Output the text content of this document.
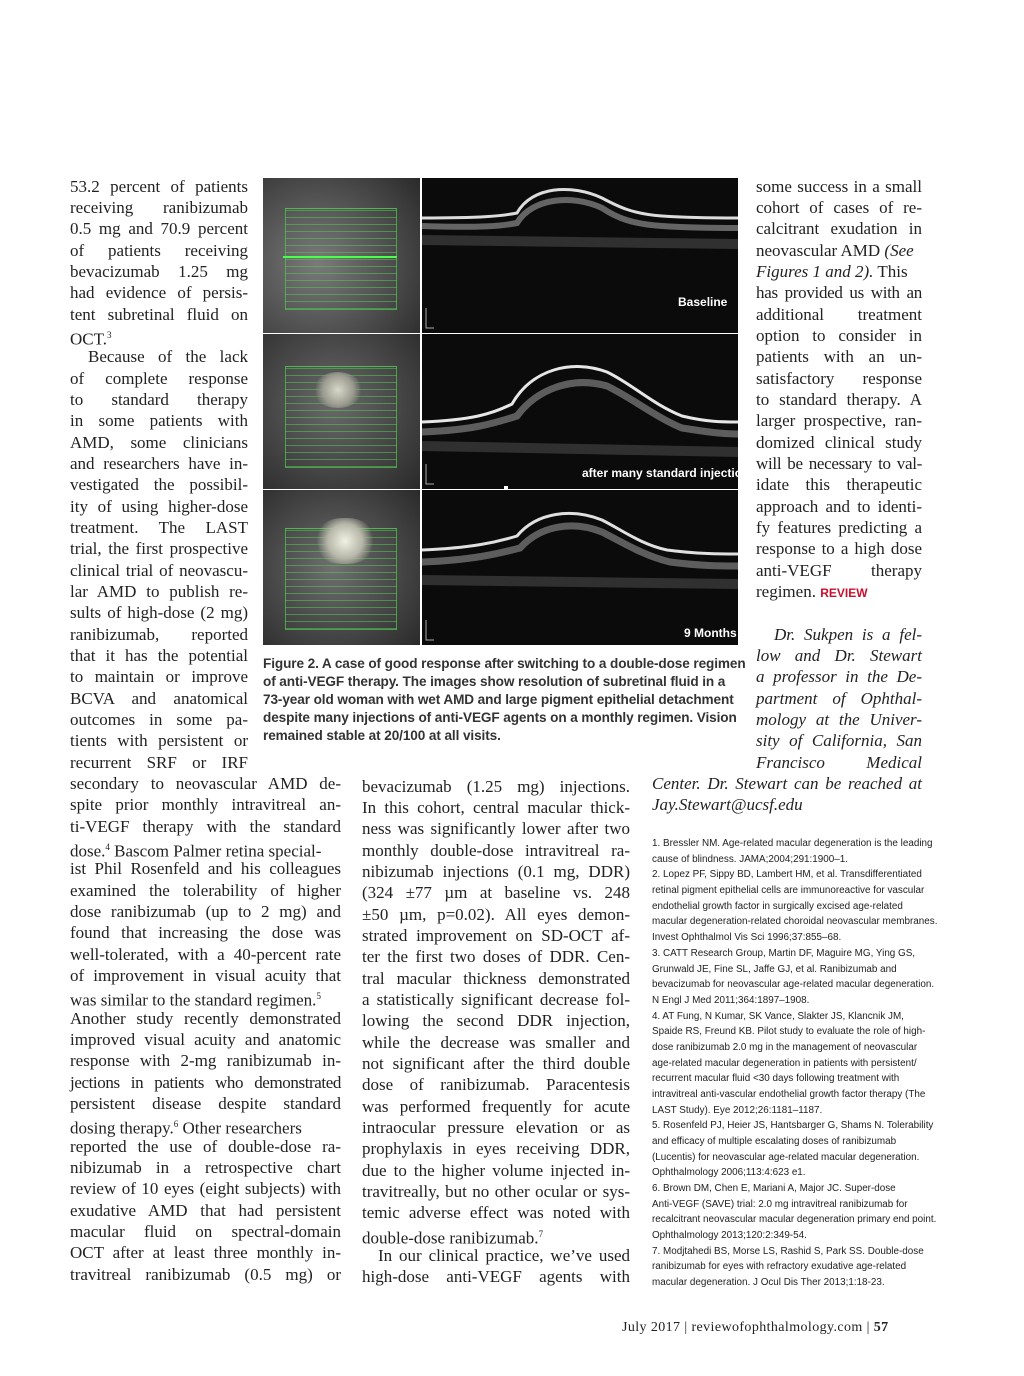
53.2 percent of patients
receiving ranibizumab
0.5 mg and 70.9 percent
of patients receiving
bevacizumab 1.25 mg
had evidence of persis-
tent subretinal fluid on
OCT.$^3$
Because of the lack
of complete response
to standard therapy
in some patients with
AMD, some clinicians
and researchers have in-
vestigated the possibil-
ity of using higher-dose
treatment. The LAST
trial, the first prospective
clinical trial of neovascu-
lar AMD to publish re-
sults of high-dose (2 mg)
ranibizumab, reported
that it has the potential
to maintain or improve
BCVA and anatomical
outcomes in some pa-
tients with persistent or
recurrent SRF or IRF
secondary to neovascular AMD de-
spite prior monthly intravitreal an-
ti-VEGF therapy with the standard
dose.$^4$ Bascom Palmer retina special-
ist Phil Rosenfeld and his colleagues
examined the tolerability of higher
dose ranibizumab (up to 2 mg) and
found that increasing the dose was
well-tolerated, with a 40-percent rate
of improvement in visual acuity that
was similar to the standard regimen.$^5$
Another study recently demonstrated
improved visual acuity and anatomic
response with 2-mg ranibizumab in-
jections in patients who demonstrated
persistent disease despite standard
dosing therapy.$^6$ Other researchers
reported the use of double-dose ra-
nibizumab in a retrospective chart
review of 10 eyes (eight subjects) with
exudative AMD that had persistent
macular fluid on spectral-domain
OCT after at least three monthly in-
travitreal ranibizumab (0.5 mg) or
Baseline
after many standard injections
9 Months
Figure 2. A case of good response after switching to a double-dose regimen
of anti-VEGF therapy. The images show resolution of subretinal fluid in a
73-year old woman with wet AMD and large pigment epithelial detachment
despite many injections of anti-VEGF agents on a monthly regimen. Vision
remained stable at 20/100 at all visits.
bevacizumab (1.25 mg) injections.
In this cohort, central macular thick-
ness was significantly lower after two
monthly double-dose intravitreal ra-
nibizumab injections (0.1 mg, DDR)
(324 ±77 µm at baseline vs. 248
±50 µm, p=0.02). All eyes demon-
strated improvement on SD-OCT af-
ter the first two doses of DDR. Cen-
tral macular thickness demonstrated
a statistically significant decrease fol-
lowing the second DDR injection,
while the decrease was smaller and
not significant after the third double
dose of ranibizumab. Paracentesis
was performed frequently for acute
intraocular pressure elevation or as
prophylaxis in eyes receiving DDR,
due to the higher volume injected in-
travitreally, but no other ocular or sys-
temic adverse effect was noted with
double-dose ranibizumab.$^7$
In our clinical practice, we’ve used
high-dose anti-VEGF agents with
some success in a small
cohort of cases of re-
calcitrant exudation in
neovascular AMD (See
Figures 1 and 2). This
has provided us with an
additional treatment
option to consider in
patients with an un-
satisfactory response
to standard therapy. A
larger prospective, ran-
domized clinical study
will be necessary to val-
idate this therapeutic
approach and to identi-
fy features predicting a
response to a high dose
anti-VEGF therapy
regimen. REVIEW
Dr. Sukpen is a fel-
low and Dr. Stewart
a professor in the De-
partment of Ophthal-
mology at the Univer-
sity of California, San
Francisco Medical
Center. Dr. Stewart can be reached at
Jay.Stewart@ucsf.edu
1. Bressler NM. Age-related macular degeneration is the leading
cause of blindness. JAMA;2004;291:1900–1.
2. Lopez PF, Sippy BD, Lambert HM, et al. Transdifferentiated
retinal pigment epithelial cells are immunoreactive for vascular
endothelial growth factor in surgically excised age-related
macular degeneration-related choroidal neovascular membranes.
Invest Ophthalmol Vis Sci 1996;37:855–68.
3. CATT Research Group, Martin DF, Maguire MG, Ying GS,
Grunwald JE, Fine SL, Jaffe GJ, et al. Ranibizumab and
bevacizumab for neovascular age-related macular degeneration.
N Engl J Med 2011;364:1897–1908.
4. AT Fung, N Kumar, SK Vance, Slakter JS, Klancnik JM,
Spaide RS, Freund KB. Pilot study to evaluate the role of high-
dose ranibizumab 2.0 mg in the management of neovascular
age-related macular degeneration in patients with persistent/
recurrent macular fluid <30 days following treatment with
intravitreal anti-vascular endothelial growth factor therapy (The
LAST Study). Eye 2012;26:1181–1187.
5. Rosenfeld PJ, Heier JS, Hantsbarger G, Shams N. Tolerability
and efficacy of multiple escalating doses of ranibizumab
(Lucentis) for neovascular age-related macular degeneration.
Ophthalmology 2006;113:4:623 e1.
6. Brown DM, Chen E, Mariani A, Major JC. Super-dose
Anti-VEGF (SAVE) trial: 2.0 mg intravitreal ranibizumab for
recalcitrant neovascular macular degeneration primary end point.
Ophthalmology 2013;120:2:349-54.
7. Modjtahedi BS, Morse LS, Rashid S, Park SS. Double-dose
ranibizumab for eyes with refractory exudative age-related
macular degeneration. J Ocul Dis Ther 2013;1:18-23.
July 2017 | reviewofophthalmology.com | 57
